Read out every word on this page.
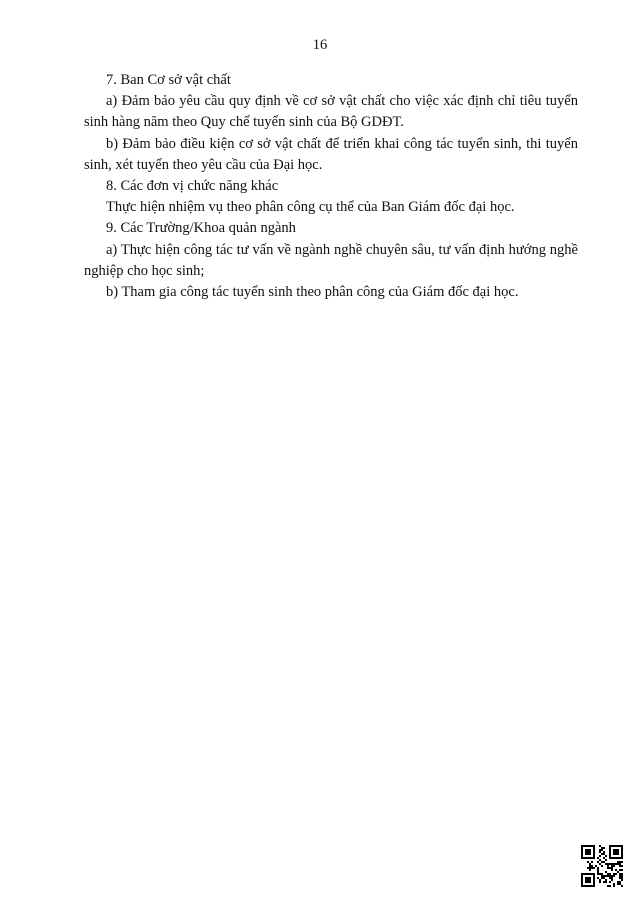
16

7. Ban Cơ sở vật chất

a) Đảm bảo yêu cầu quy định về cơ sở vật chất cho việc xác định chỉ tiêu tuyển sinh hàng năm theo Quy chế tuyển sinh của Bộ GDĐT.

b) Đảm bảo điều kiện cơ sở vật chất để triển khai công tác tuyển sinh, thi tuyển sinh, xét tuyển theo yêu cầu của Đại học.

8. Các đơn vị chức năng khác

Thực hiện nhiệm vụ theo phân công cụ thể của Ban Giám đốc đại học.

9. Các Trường/Khoa quản ngành

a) Thực hiện công tác tư vấn về ngành nghề chuyên sâu, tư vấn định hướng nghề nghiệp cho học sinh;

b) Tham gia công tác tuyển sinh theo phân công của Giám đốc đại học.
